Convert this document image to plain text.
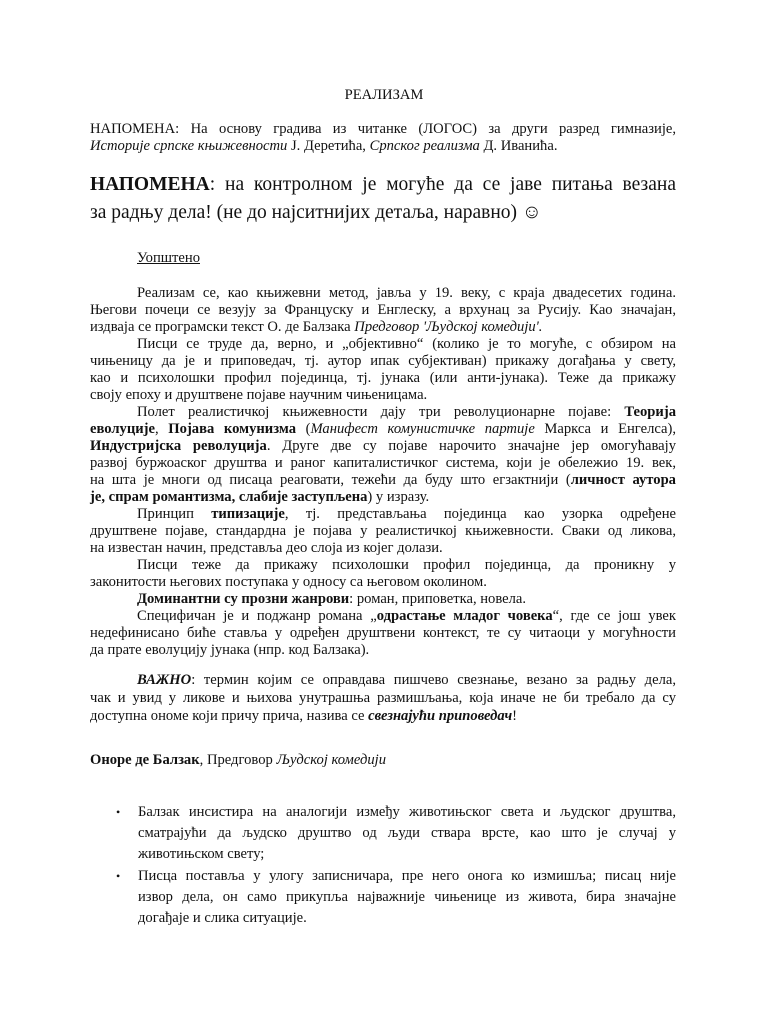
РЕАЛИЗАМ
НАПОМЕНА: На основу градива из читанке (ЛОГОС) за други разред гимназије,
Историје српске књижевности Ј. Деретића, Српског реализма Д. Иванића.
НАПОМЕНА: на контролном је могуће да се јаве питања везана
за радњу дела! (не до најситнијих детаља, наравно) ☺
Уопштено
Реализам се, као књижевни метод, јавља у 19. веку, с краја двадесетих година.
Његови почеци се везују за Француску и Енглеску, а врхунац за Русију. Као значајан,
издваја се програмски текст О. де Балзака Предговор 'Људској комедији'.
Писци се труде да, верно, и „објективно“ (колико је то могуће, с обзиром на
чињеницу да је и приповедач, тј. аутор ипак субјективан) прикажу догађања у свету,
као и психолошки профил појединца, тј. јунака (или анти-јунака). Теже да прикажу
своју епоху и друштвене појаве научним чињеницама.
Полет реалистичкој књижевности дају три револуционарне појаве: Теорија
еволуције, Појава комунизма (Манифест комунистичке партије Маркса и Енгелса),
Индустријска револуција. Друге две су појаве нарочито значајне јер омогућавају
развој буржоаског друштва и раног капиталистичког система, који је обележио 19. век,
на шта је многи од писаца реаговати, тежећи да буду што егзактнији (личност аутора
је, спрам романтизма, слабије заступљена) у изразу.
Принцип типизације, тј. представљања појединца као узорка одређене
друштвене појаве, стандардна је појава у реалистичкој књижевности. Сваки од ликова,
на известан начин, представља део слоја из којег долази.
Писци теже да прикажу психолошки профил појединца, да проникну у
законитости његових поступака у односу са његовом околином.
Доминантни су прозни жанрови: роман, приповетка, новела.
Специфичан је и поджанр романа „одрастање младог човека“, где се још увек
недефинисано биће ставља у одређен друштвени контекст, те су читаоци у могућности
да прате еволуцију јунака (нпр. код Балзака).
ВАЖНО: термин којим се оправдава пишчево свезнање, везано за радњу дела,
чак и увид у ликове и њихова унутрашња размишљања, која иначе не би требало да су
доступна ономе који причу прича, назива се свезнајући приповедач!
Оноре де Балзак, Предговор Људској комедији
• Балзак инсистира на аналогији између животињског света и људског друштва,
сматрајући да људско друштво од људи ствара врсте, као што је случај у
животињском свету;
• Писца поставља у улогу записничара, пре него онога ко измишља; писац није
извор дела, он само прикупља најважније чињенице из живота, бира значајне
догађаје и слика ситуације.
